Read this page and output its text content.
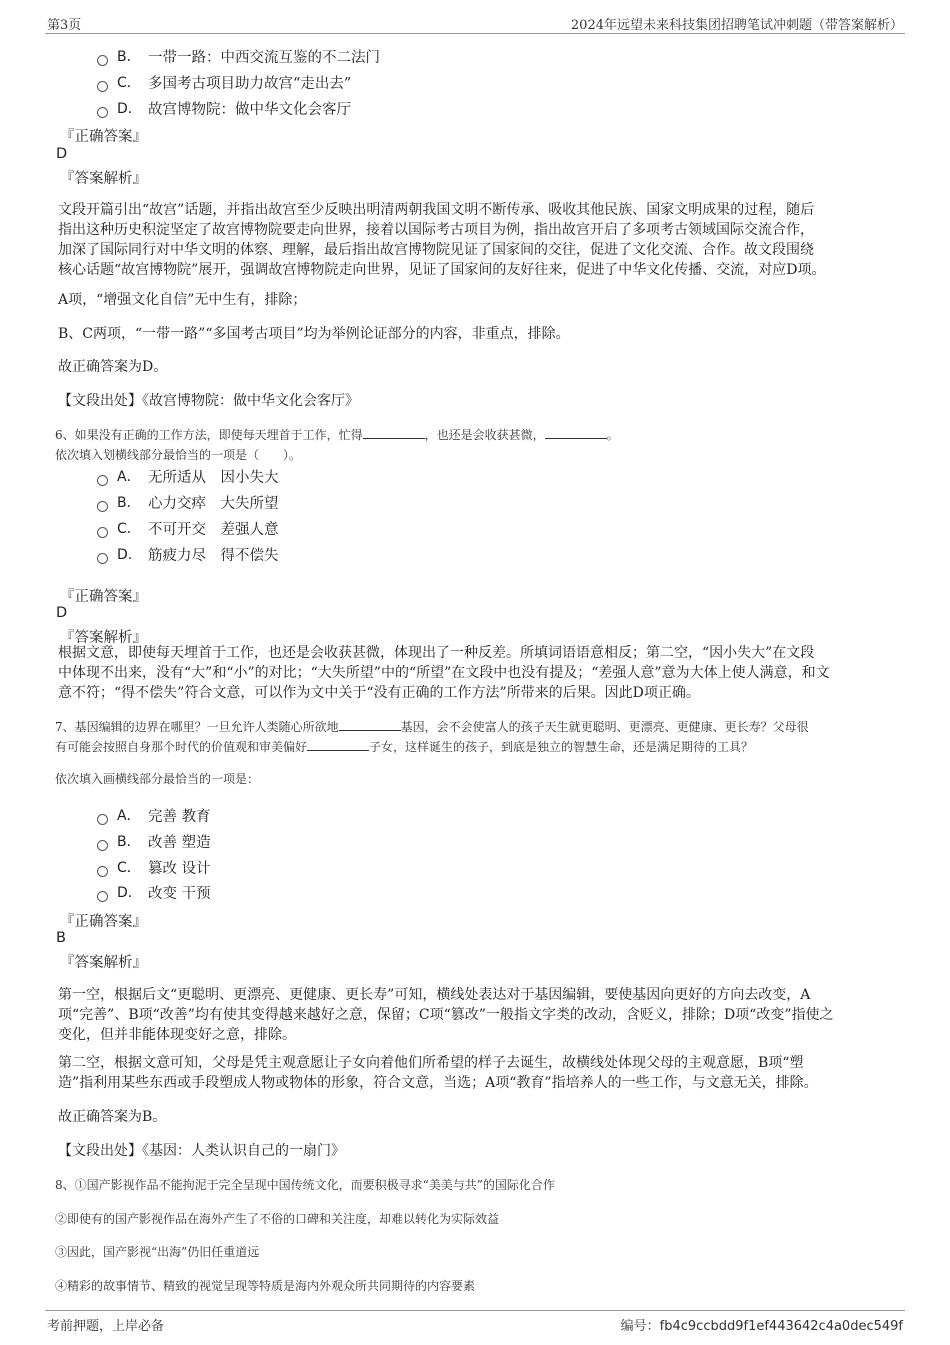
第3页	2024年远望未来科技集团招聘笔试冲刺题（带答案解析）
B． 一带一路：中西交流互鉴的不二法门
C． 多国考古项目助力故宫“走出去”
D． 故宫博物院：做中华文化会客厅
『正确答案』
D
『答案解析』
文段开篇引出“故宫”话题，并指出故宫至少反映出明清两朝我国文明不断传承、吸收其他民族、国家文明成果的过程，随后
指出这种历史积淀坚定了故宫博物院要走向世界，接着以国际考古项目为例，指出故宫开启了多项考古领域国际交流合作，
加深了国际同行对中华文明的体察、理解，最后指出故宫博物院见证了国家间的交往，促进了文化交流、合作。故文段围绕
核心话题“故宫博物院”展开，强调故宫博物院走向世界，见证了国家间的友好往来，促进了中华文化传播、交流，对应D项。
A项，“增强文化自信”无中生有，排除；
B、C两项，“一带一路”“多国考古项目”均为举例论证部分的内容，非重点，排除。
故正确答案为D。
【文段出处】《故宫博物院：做中华文化会客厅》
6、如果没有正确的工作方法，即使每天埋首于工作，忙得	，也还是会收获甚微，	。
依次填入划横线部分最恰当的一项是（　　）。
A． 无所适从　因小失大
B． 心力交瘁　大失所望
C． 不可开交　差强人意
D． 筋疲力尽　得不偿失
『正确答案』
D
『答案解析』
根据文意，即使每天埋首于工作，也还是会收获甚微，体现出了一种反差。所填词语语意相反；第二空，“因小失大”在文段
中体现不出来，没有“大”和“小”的对比；“大失所望”中的“所望”在文段中也没有提及；“差强人意”意为大体上使人满意，和文
意不符；“得不偿失”符合文意，可以作为文中关于“没有正确的工作方法”所带来的后果。因此D项正确。
7、基因编辑的边界在哪里？一旦允许人类随心所欲地	基因，会不会使富人的孩子天生就更聪明、更漂亮、更健康、更长寿？父母很
有可能会按照自身那个时代的价值观和审美偏好	子女，这样诞生的孩子，到底是独立的智慧生命，还是满足期待的工具？
依次填入画横线部分最恰当的一项是：
A． 完善 教育
B． 改善 塑造
C． 篡改 设计
D． 改变 干预
『正确答案』
B
『答案解析』
第一空，根据后文“更聪明、更漂亮、更健康、更长寿”可知，横线处表达对于基因编辑，要使基因向更好的方向去改变，A
项“完善”、B项“改善”均有使其变得越来越好之意，保留；C项“篡改”一般指文字类的改动，含贬义，排除；D项“改变”指使之
变化，但并非能体现变好之意，排除。
第二空，根据文意可知，父母是凭主观意愿让子女向着他们所希望的样子去诞生，故横线处体现父母的主观意愿，B项“塑
造”指利用某些东西或手段塑成人物或物体的形象，符合文意，当选；A项“教育”指培养人的一些工作，与文意无关，排除。
故正确答案为B。
【文段出处】《基因：人类认识自己的一扇门》
8、①国产影视作品不能拘泥于完全呈现中国传统文化，而要积极寻求“美美与共”的国际化合作
②即使有的国产影视作品在海外产生了不俗的口碑和关注度，却难以转化为实际效益
③因此，国产影视“出海”仍旧任重道远
④精彩的故事情节、精致的视觉呈现等特质是海内外观众所共同期待的内容要素
考前押题，上岸必备	编号：fb4c9ccbdd9f1ef443642c4a0dec549f
